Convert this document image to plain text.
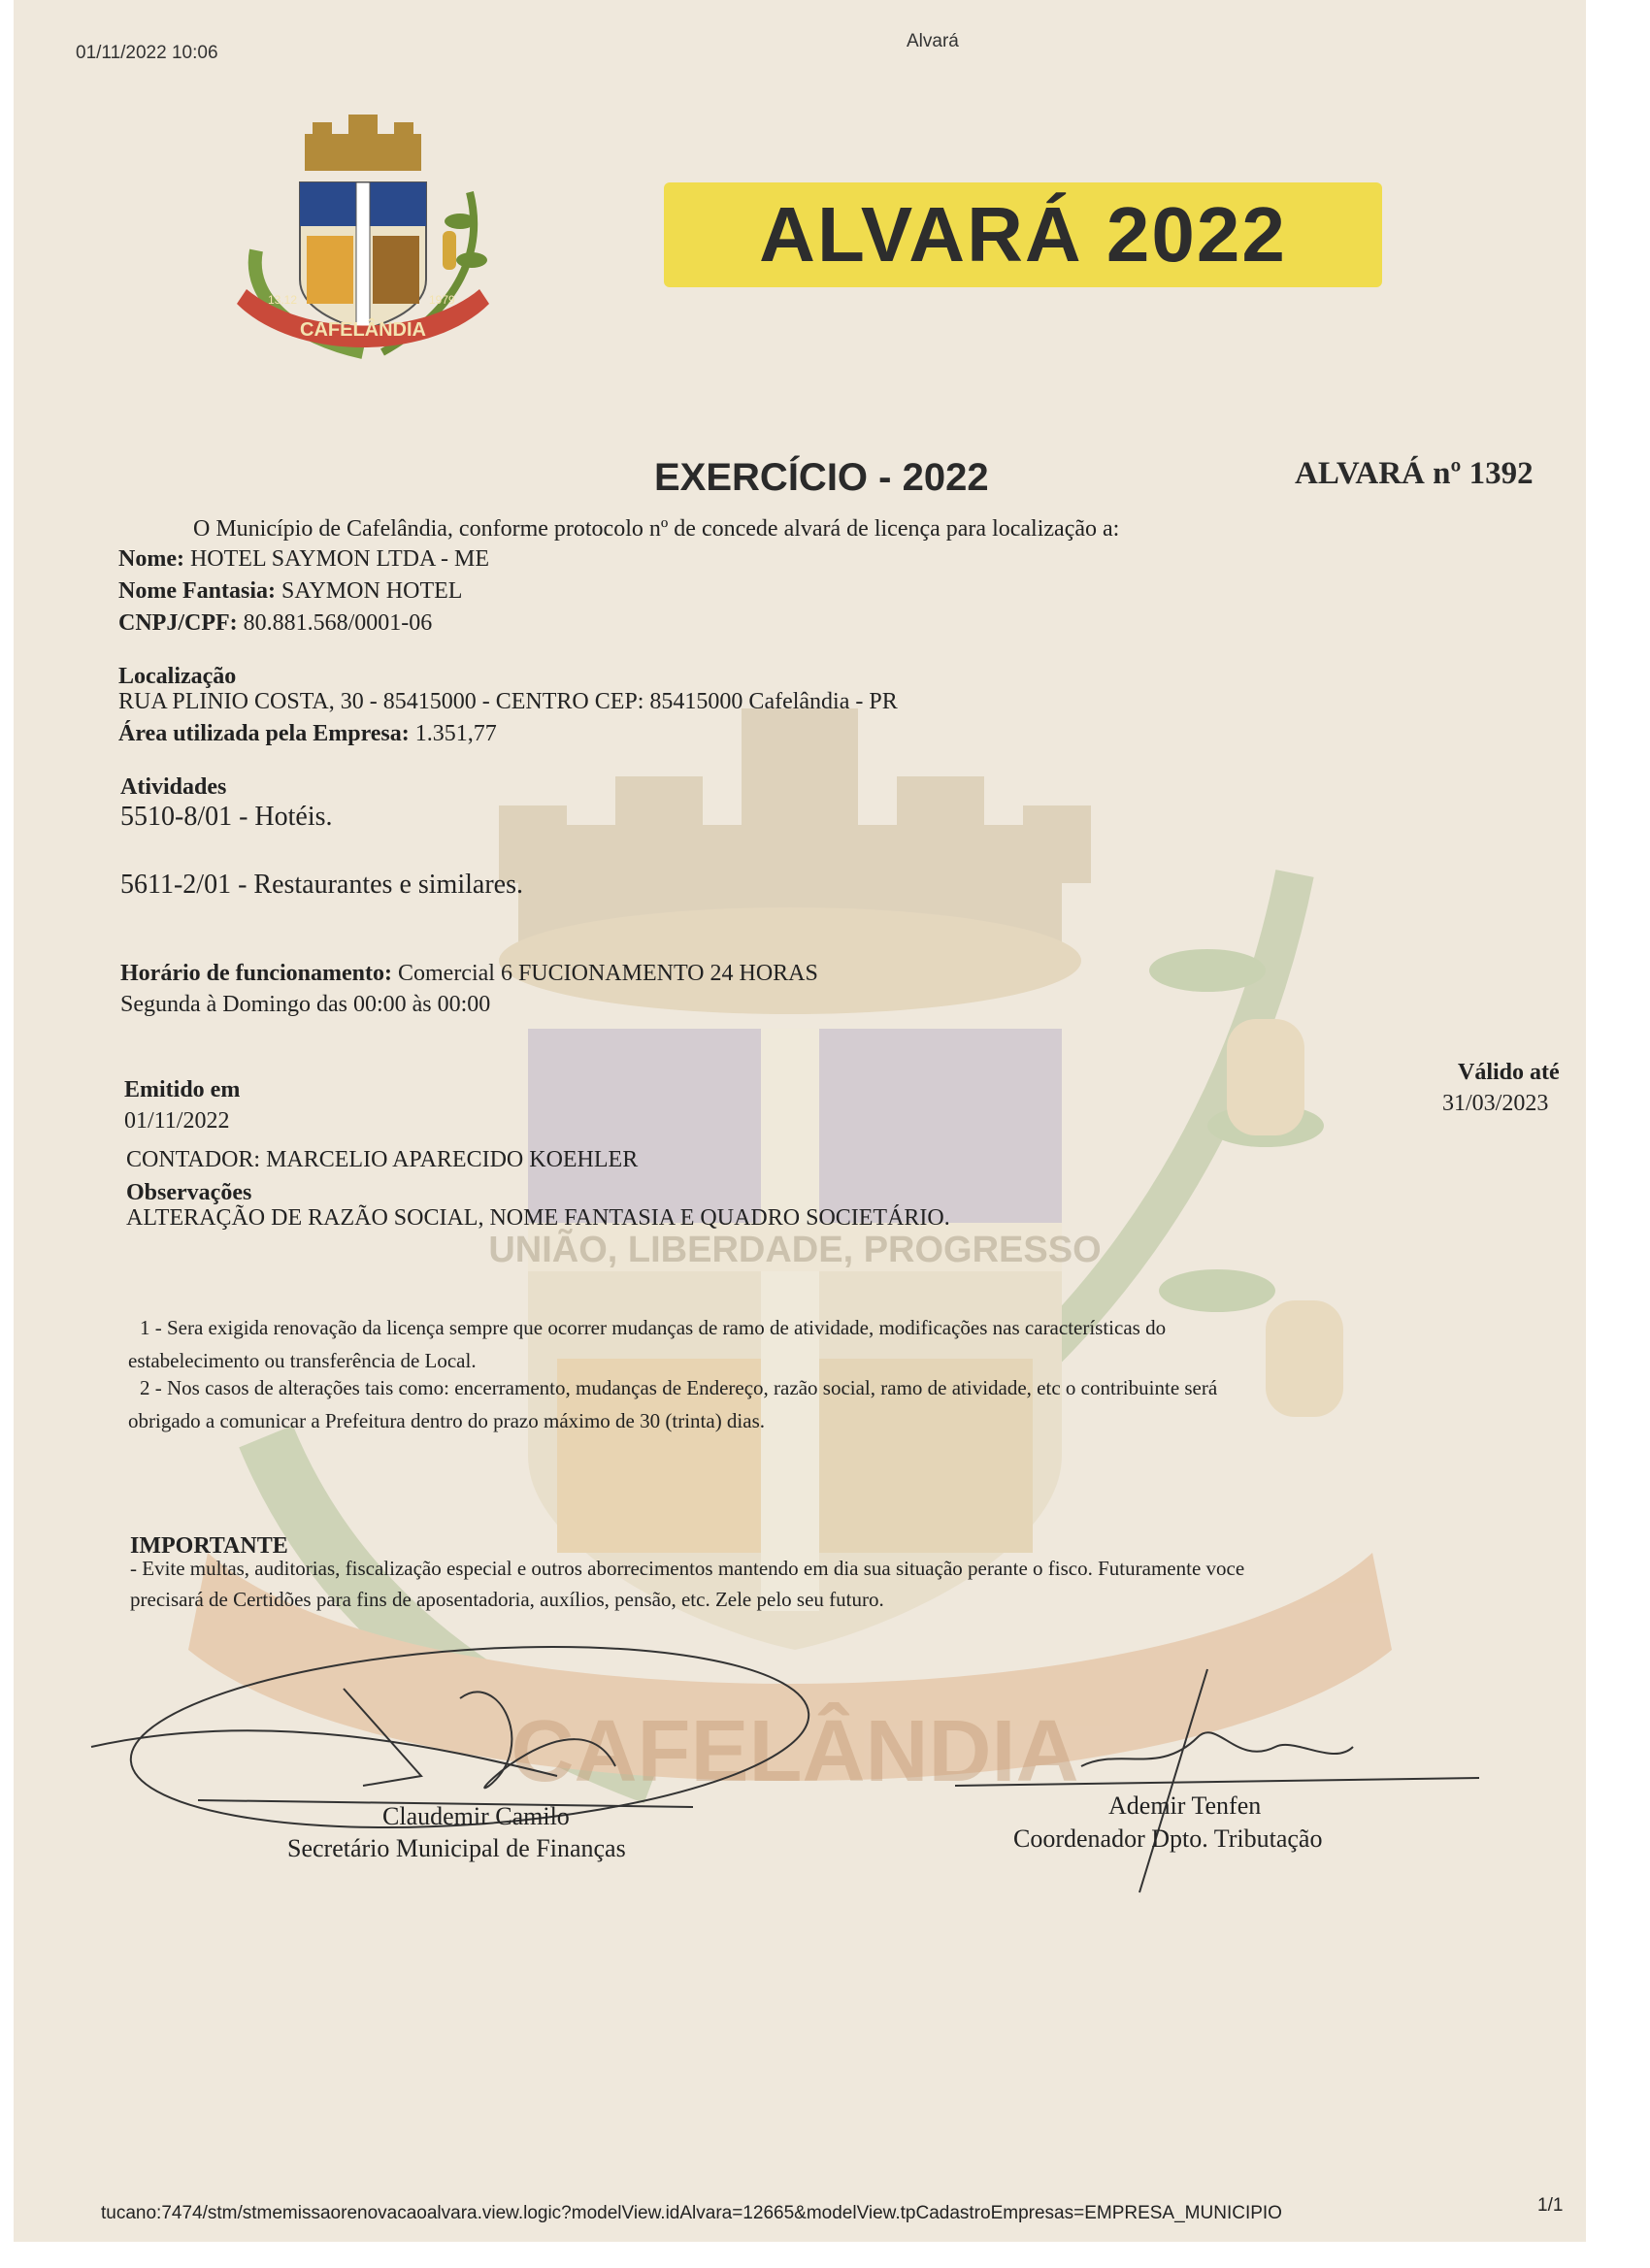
UNIÃO, LIBERDADE, PROGRESSO
CAFELÂNDIA
01/11/2022 10:06
Alvará
CAFELÂNDIA
13.12	1979
ALVARÁ 2022
EXERCÍCIO - 2022	ALVARÁ nº 1392
O Município de Cafelândia, conforme protocolo nº de concede alvará de licença para localização a:
Nome: HOTEL SAYMON LTDA - ME
Nome Fantasia: SAYMON HOTEL
CNPJ/CPF: 80.881.568/0001-06
Localização
RUA PLINIO COSTA, 30 - 85415000 - CENTRO CEP: 85415000 Cafelândia - PR
Área utilizada pela Empresa: 1.351,77
Atividades
5510-8/01 - Hotéis.
5611-2/01 - Restaurantes e similares.
Horário de funcionamento: Comercial 6 FUCIONAMENTO 24 HORAS
Segunda à Domingo das 00:00 às 00:00
Emitido em
01/11/2022
Válido até
31/03/2023
CONTADOR: MARCELIO APARECIDO KOEHLER
Observações
ALTERAÇÃO DE RAZÃO SOCIAL, NOME FANTASIA E QUADRO SOCIETÁRIO.
1 - Sera exigida renovação da licença sempre que ocorrer mudanças de ramo de atividade, modificações nas características do
estabelecimento ou transferência de Local.
2 - Nos casos de alterações tais como: encerramento, mudanças de Endereço, razão social, ramo de atividade, etc o contribuinte será
obrigado a comunicar a Prefeitura dentro do prazo máximo de 30 (trinta) dias.
IMPORTANTE
- Evite multas, auditorias, fiscalização especial e outros aborrecimentos mantendo em dia sua situação perante o fisco. Futuramente voce
precisará de Certidões para fins de aposentadoria, auxílios, pensão, etc. Zele pelo seu futuro.
Claudemir Camilo
Secretário Municipal de Finanças
Ademir Tenfen
Coordenador Dpto. Tributação
tucano:7474/stm/stmemissaorenovacaoalvara.view.logic?modelView.idAlvara=12665&modelView.tpCadastroEmpresas=EMPRESA_MUNICIPIO	1/1
